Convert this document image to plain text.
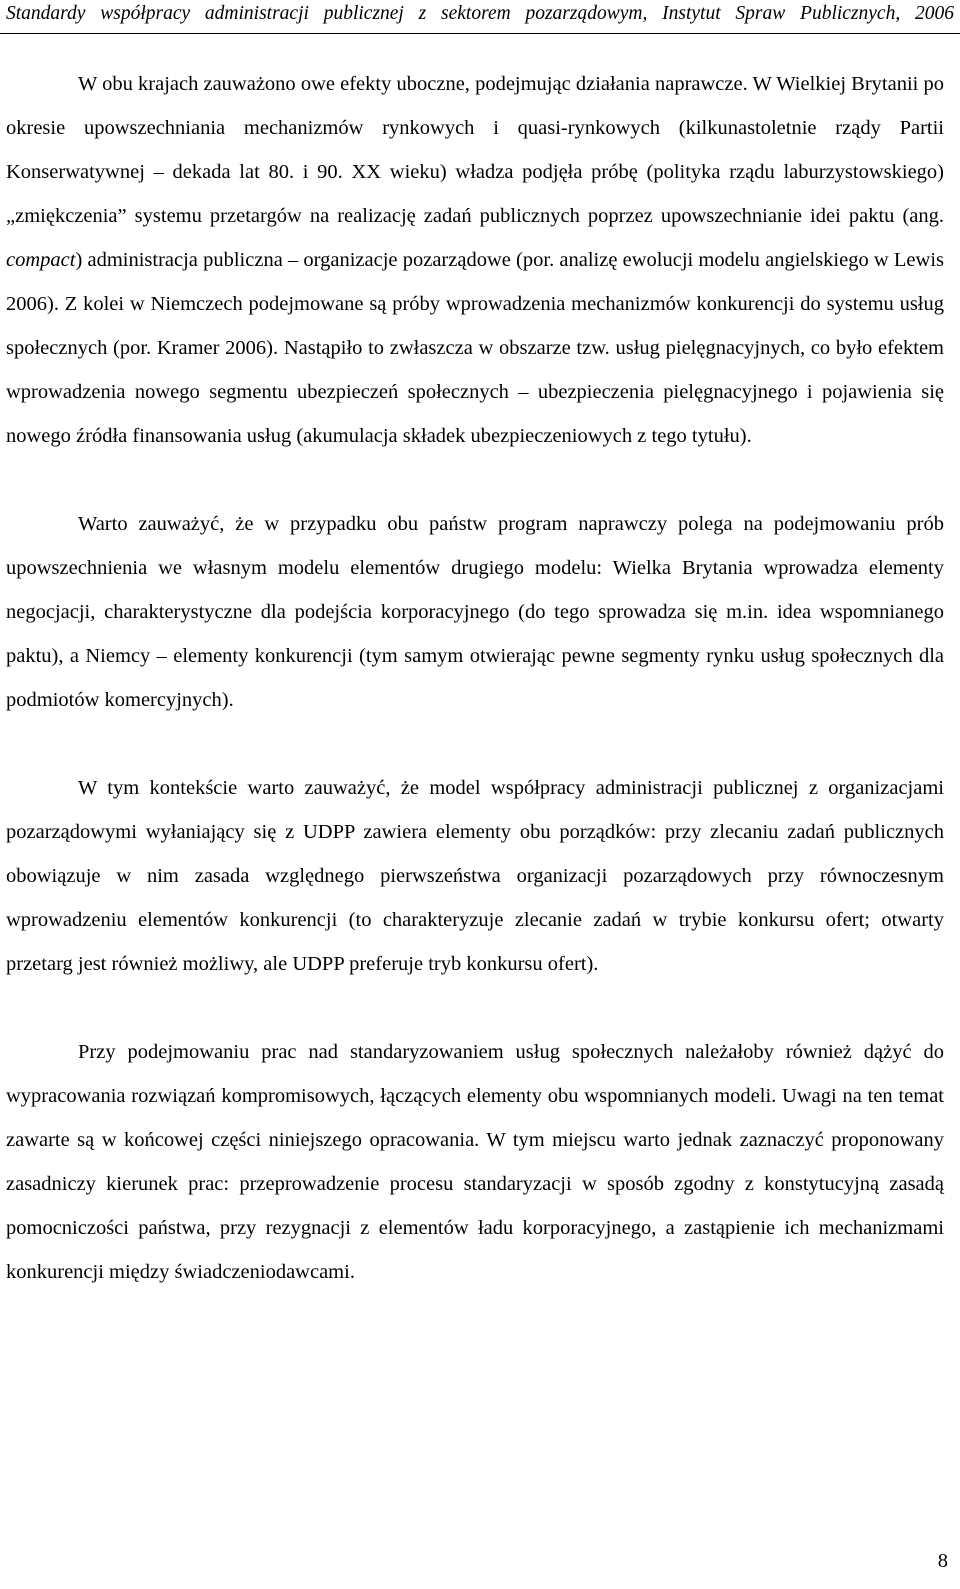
Standardy współpracy administracji publicznej z sektorem pozarządowym, Instytut Spraw Publicznych, 2006

W obu krajach zauważono owe efekty uboczne, podejmując działania naprawcze. W Wielkiej Brytanii po okresie upowszechniania mechanizmów rynkowych i quasi-rynkowych (kilkunastoletnie rządy Partii Konserwatywnej – dekada lat 80. i 90. XX wieku) władza podjęła próbę (polityka rządu laburzystowskiego) „zmiękczenia” systemu przetargów na realizację zadań publicznych poprzez upowszechnianie idei paktu (ang. compact) administracja publiczna – organizacje pozarządowe (por. analizę ewolucji modelu angielskiego w Lewis 2006). Z kolei w Niemczech podejmowane są próby wprowadzenia mechanizmów konkurencji do systemu usług społecznych (por. Kramer 2006). Nastąpiło to zwłaszcza w obszarze tzw. usług pielęgnacyjnych, co było efektem wprowadzenia nowego segmentu ubezpieczeń społecznych – ubezpieczenia pielęgnacyjnego i pojawienia się nowego źródła finansowania usług (akumulacja składek ubezpieczeniowych z tego tytułu).

Warto zauważyć, że w przypadku obu państw program naprawczy polega na podejmowaniu prób upowszechnienia we własnym modelu elementów drugiego modelu: Wielka Brytania wprowadza elementy negocjacji, charakterystyczne dla podejścia korporacyjnego (do tego sprowadza się m.in. idea wspomnianego paktu), a Niemcy – elementy konkurencji (tym samym otwierając pewne segmenty rynku usług społecznych dla podmiotów komercyjnych).

W tym kontekście warto zauważyć, że model współpracy administracji publicznej z organizacjami pozarządowymi wyłaniający się z UDPP zawiera elementy obu porządków: przy zlecaniu zadań publicznych obowiązuje w nim zasada względnego pierwszeństwa organizacji pozarządowych przy równoczesnym wprowadzeniu elementów konkurencji (to charakteryzuje zlecanie zadań w trybie konkursu ofert; otwarty przetarg jest również możliwy, ale UDPP preferuje tryb konkursu ofert).

Przy podejmowaniu prac nad standaryzowaniem usług społecznych należałoby również dążyć do wypracowania rozwiązań kompromisowych, łączących elementy obu wspomnianych modeli. Uwagi na ten temat zawarte są w końcowej części niniejszego opracowania. W tym miejscu warto jednak zaznaczyć proponowany zasadniczy kierunek prac: przeprowadzenie procesu standaryzacji w sposób zgodny z konstytucyjną zasadą pomocniczości państwa, przy rezygnacji z elementów ładu korporacyjnego, a zastąpienie ich mechanizmami konkurencji między świadczeniodawcami.

8
